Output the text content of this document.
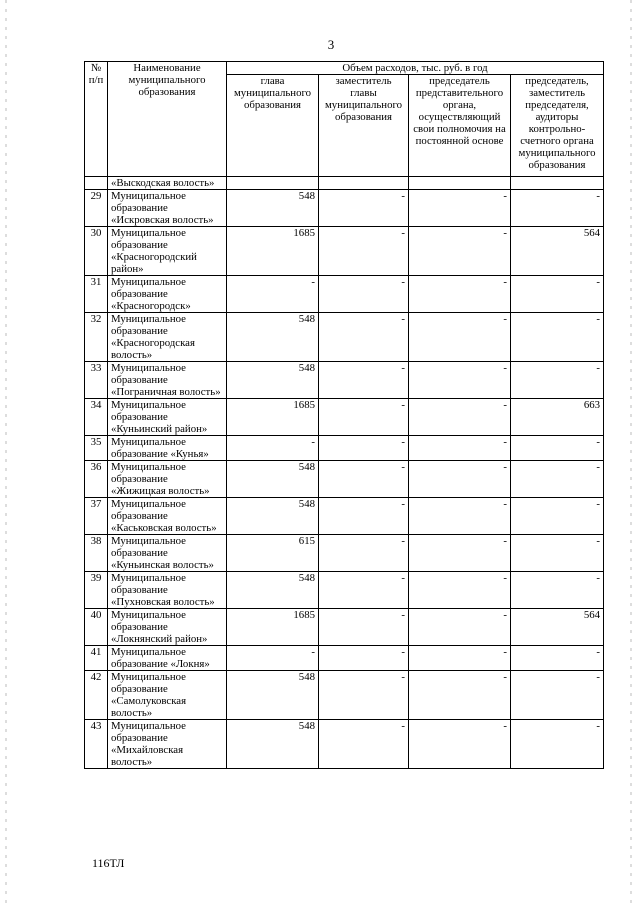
3
№ п/п	Наименование муниципального образования	Объем расходов, тыс. руб. в год			
		глава муниципального образования	заместитель главы муниципального образования	председатель представительного органа, осуществляющий свои полномочия на постоянной основе	председатель, заместитель председателя, аудиторы контрольно-счетного органа муниципального образования
	«Выскодская волость»				
29	Муниципальное образование «Искровская волость»	548	-	-	-
30	Муниципальное образование «Красногородский район»	1685	-	-	564
31	Муниципальное образование «Красногородск»	-	-	-	-
32	Муниципальное образование «Красногородская волость»	548	-	-	-
33	Муниципальное образование «Пограничная волость»	548	-	-	-
34	Муниципальное образование «Куньинский район»	1685	-	-	663
35	Муниципальное образование «Кунья»	-	-	-	-
36	Муниципальное образование «Жижицкая волость»	548	-	-	-
37	Муниципальное образование «Каськовская волость»	548	-	-	-
38	Муниципальное образование «Куньинская волость»	615	-	-	-
39	Муниципальное образование «Пухновская волость»	548	-	-	-
40	Муниципальное образование «Локнянский район»	1685	-	-	564
41	Муниципальное образование «Локня»	-	-	-	-
42	Муниципальное образование «Самолуковская волость»	548	-	-	-
43	Муниципальное образование «Михайловская волость»	548	-	-	-
116ТЛ
